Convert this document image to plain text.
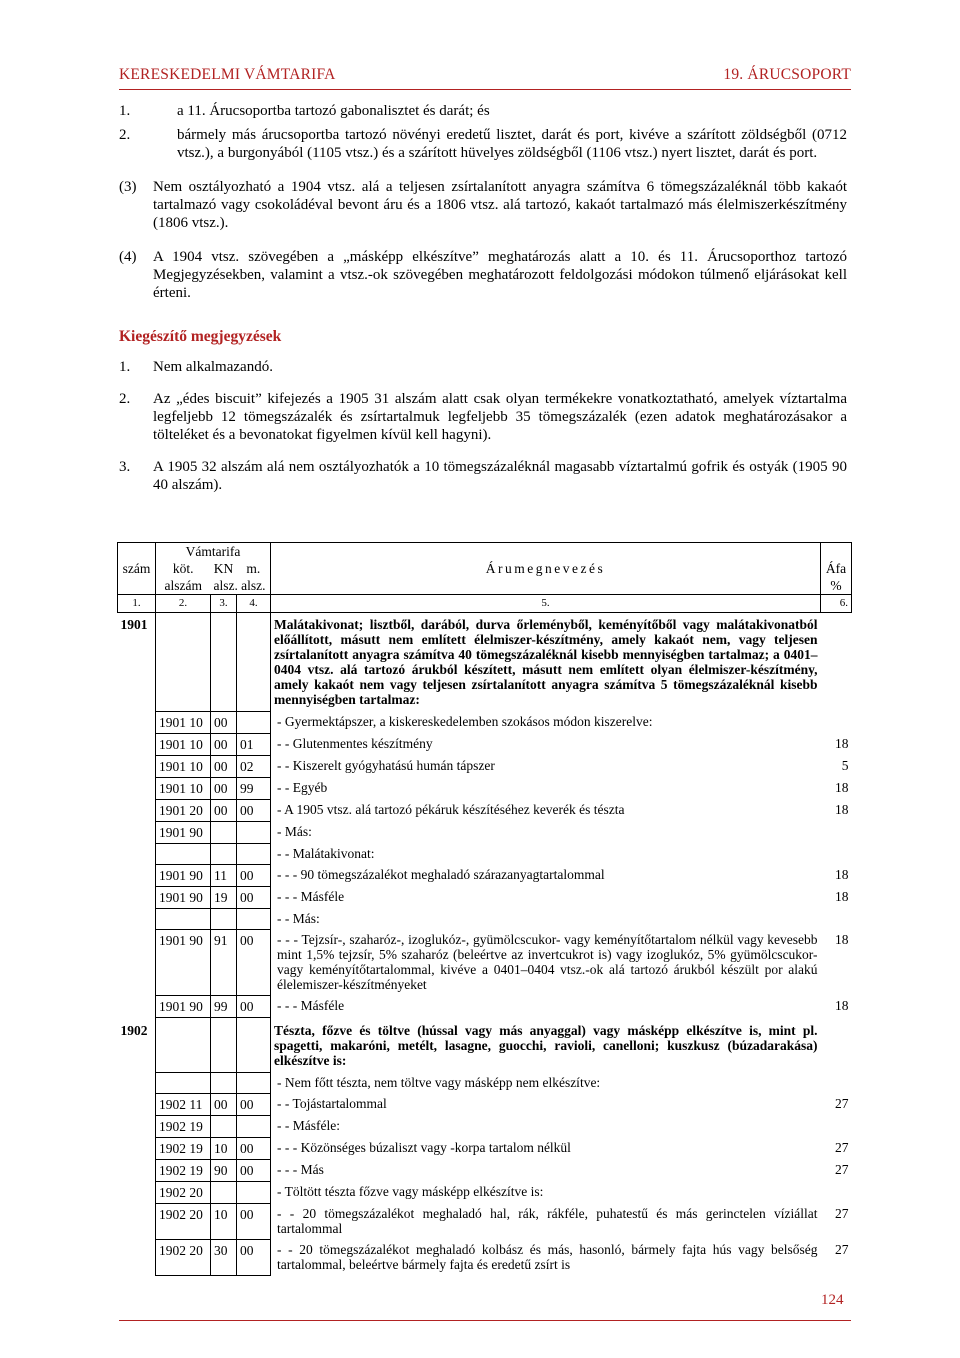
KERESKEDELMI VÁMTARIFA	19. ÁRUCSOPORT
1.	a 11. Árucsoportba tartozó gabonalisztet és darát; és
2.	bármely más árucsoportba tartozó növényi eredetű lisztet, darát és port, kivéve a szárított zöldségből (0712 vtsz.), a burgonyából (1105 vtsz.) és a szárított hüvelyes zöldségből (1106 vtsz.) nyert lisztet, darát és port.
(3)	Nem osztályozható a 1904 vtsz. alá a teljesen zsírtalanított anyagra számítva 6 tömegszázaléknál több kakaót tartalmazó vagy csokoládéval bevont áru és a 1806 vtsz. alá tartozó, kakaót tartalmazó más élelmiszerkészítmény (1806 vtsz.).
(4)	A 1904 vtsz. szövegében a „másképp elkészítve” meghatározás alatt a 10. és 11. Árucsoporthoz tartozó Megjegyzésekben, valamint a vtsz.-ok szövegében meghatározott feldolgozási módokon túlmenő eljárásokat kell érteni.

Kiegészítő megjegyzések

1.	Nem alkalmazandó.
2.	Az „édes biscuit” kifejezés a 1905 31 alszám alatt csak olyan termékekre vonatkoztatható, amelyek víztartalma legfeljebb 12 tömegszázalék és zsírtartalmuk legfeljebb 35 tömegszázalék (ezen adatok meghatározásakor a tölteléket és a bevonatokat figyelmen kívül kell hagyni).
3.	A 1905 32 alszám alá nem osztályozhatók a 10 tömegszázaléknál magasabb víztartalmú gofrik és ostyák (1905 90 40 alszám).
	Vámtarifa				
szám	köt.	KN	m.	Árumegnevezés	Áfa
	alszám	alsz.	alsz.		%
1.	2.	3.	4.	5.	6.
1901				Malátakivonat; lisztből, darából, durva őrleményből, keményítőből vagy malátakivonatból előállított, másutt nem említett élelmiszer-készítmény, amely kakaót nem, vagy teljesen zsírtalanított anyagra számítva 40 tömegszázaléknál kisebb mennyiségben tartalmaz; a 0401–0404 vtsz. alá tartozó árukból készített, másutt nem említett olyan élelmiszer-készítmény, amely kakaót nem vagy teljesen zsírtalanított anyagra számítva 5 tömegszázaléknál kisebb mennyiségben tartalmaz:	
	1901 10	00		- Gyermektápszer, a kiskereskedelemben szokásos módon kiszerelve:	
	1901 10	00	01	- - Glutenmentes készítmény	18
	1901 10	00	02	- - Kiszerelt gyógyhatású humán tápszer	5
	1901 10	00	99	- - Egyéb	18
	1901 20	00	00	- A 1905 vtsz. alá tartozó pékáruk készítéséhez keverék és tészta	18
	1901 90			- Más:	
				- - Malátakivonat:	
	1901 90	11	00	- - - 90 tömegszázalékot meghaladó szárazanyagtartalommal	18
	1901 90	19	00	- - - Másféle	18
				- - Más:	
	1901 90	91	00	- - - Tejzsír-, szaharóz-, izoglukóz-, gyümölcscukor- vagy keményítőtartalom nélkül vagy kevesebb mint 1,5% tejzsír, 5% szaharóz (beleértve az invertcukrot is) vagy izoglukóz, 5% gyümölcscukor- vagy keményítőtartalommal, kivéve a 0401–0404 vtsz.-ok alá tartozó árukból készült por alakú élelemiszer-készítményeket	18
	1901 90	99	00	- - - Másféle	18
1902				Tészta, főzve és töltve (hússal vagy más anyaggal) vagy másképp elkészítve is, mint pl. spagetti, makaróni, metélt, lasagne, guocchi, ravioli, canelloni; kuszkusz (búzadarakása) elkészítve is:	
				- Nem főtt tészta, nem töltve vagy másképp nem elkészítve:	
	1902 11	00	00	- - Tojástartalommal	27
	1902 19			- - Másféle:	
	1902 19	10	00	- - - Közönséges búzaliszt vagy -korpa tartalom nélkül	27
	1902 19	90	00	- - - Más	27
	1902 20			- Töltött tészta főzve vagy másképp elkészítve is:	
	1902 20	10	00	- - 20 tömegszázalékot meghaladó hal, rák, rákféle, puhatestű és más gerinctelen víziállat tartalommal	27
	1902 20	30	00	- - 20 tömegszázalékot meghaladó kolbász és más, hasonló, bármely fajta hús vagy belsőség tartalommal, beleértve bármely fajta és eredetű zsírt is	27
124
